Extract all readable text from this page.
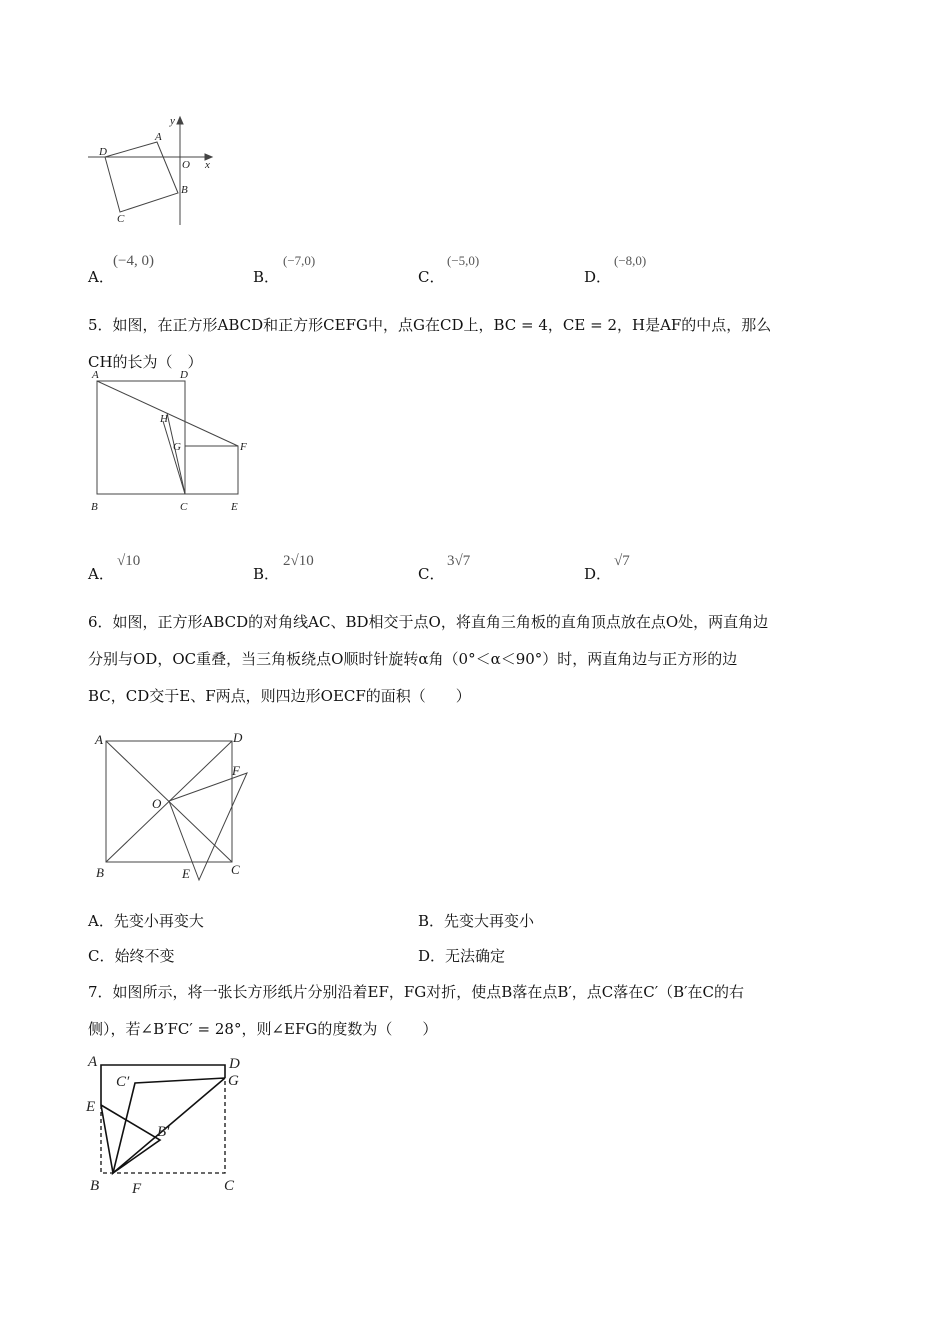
A
B
C
D
O x
y
A	D
H
G	F
B	C	E
A	D
F
O
B	E	C
A	D
G
C′
E
B′
B F	C
A．
(−4, 0)
B．
(−7,0)
C．
(−5,0)
D．
(−8,0)
5．如图，在正方形ABCD和正方形CEFG中，点G在CD上，BC = 4，CE = 2，H是AF的中点，那么
CH的长为（　）
A．
√10
B．
2√10
C．
3√7
D．
√7
6．如图，正方形ABCD的对角线AC、BD相交于点O，将直角三角板的直角顶点放在点O处，两直角边
分别与OD，OC重叠，当三角板绕点O顺时针旋转α角（0°＜α＜90°）时，两直角边与正方形的边
BC，CD交于E、F两点，则四边形OECF的面积（　　）
A．先变小再变大	B．先变大再变小
C．始终不变	D．无法确定
7．如图所示，将一张长方形纸片分别沿着EF，FG对折，使点B落在点B′，点C落在C′（B′在C的右
侧），若∠B′FC′ = 28°，则∠EFG的度数为（　　）
